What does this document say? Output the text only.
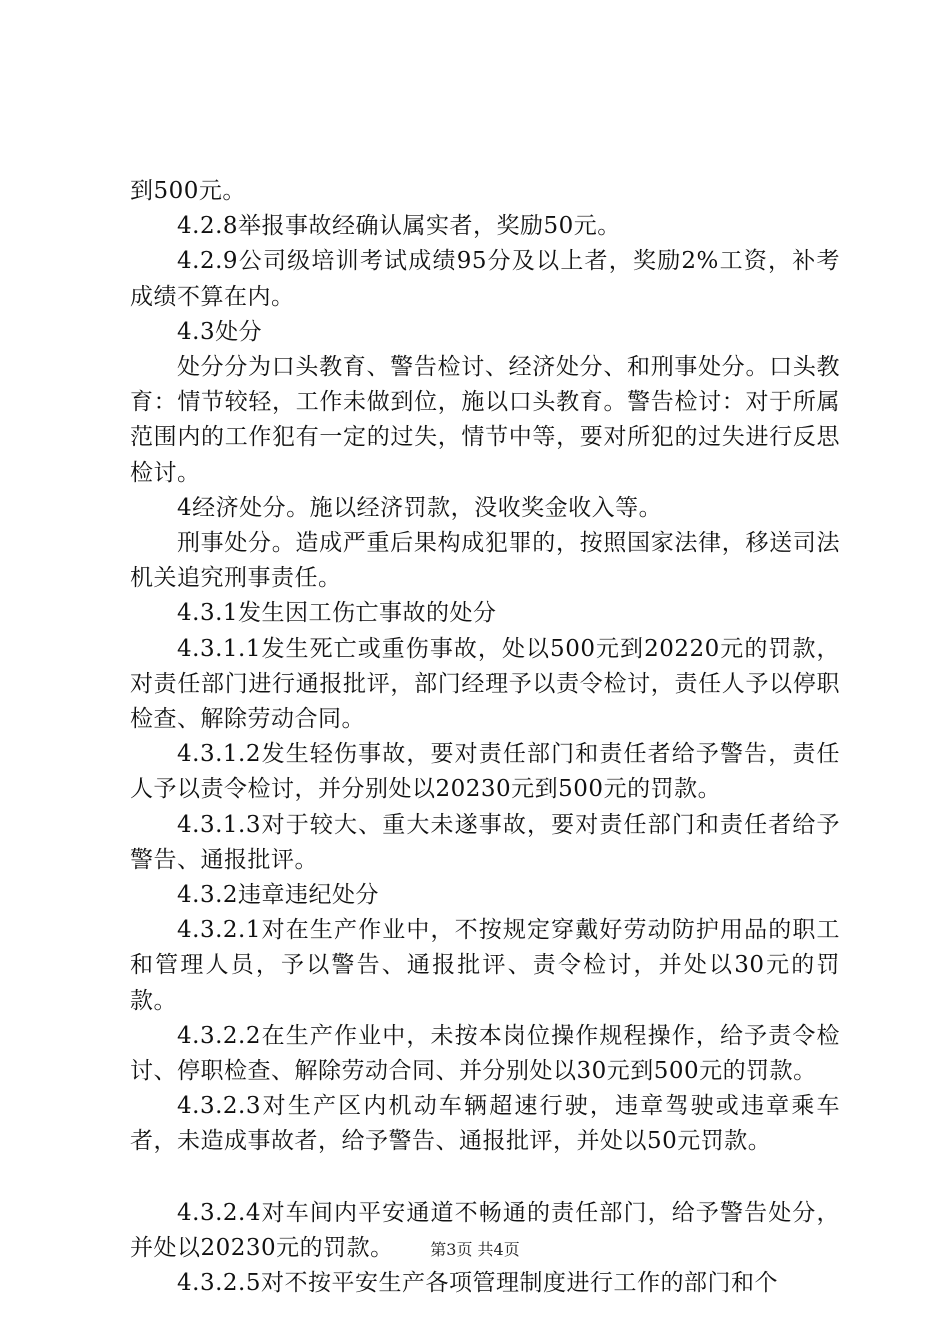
到500元。

4.2.8举报事故经确认属实者，奖励50元。

4.2.9公司级培训考试成绩95分及以上者，奖励2%工资，补考成绩不算在内。

4.3处分

处分分为口头教育、警告检讨、经济处分、和刑事处分。口头教育：情节较轻，工作未做到位，施以口头教育。警告检讨：对于所属范围内的工作犯有一定的过失，情节中等，要对所犯的过失进行反思检讨。

4经济处分。施以经济罚款，没收奖金收入等。

刑事处分。造成严重后果构成犯罪的，按照国家法律，移送司法机关追究刑事责任。

4.3.1发生因工伤亡事故的处分

4.3.1.1发生死亡或重伤事故，处以500元到20220元的罚款，对责任部门进行通报批评，部门经理予以责令检讨，责任人予以停职检查、解除劳动合同。

4.3.1.2发生轻伤事故，要对责任部门和责任者给予警告，责任人予以责令检讨，并分别处以20230元到500元的罚款。

4.3.1.3对于较大、重大未遂事故，要对责任部门和责任者给予警告、通报批评。

4.3.2违章违纪处分

4.3.2.1对在生产作业中，不按规定穿戴好劳动防护用品的职工和管理人员，予以警告、通报批评、责令检讨，并处以30元的罚款。

4.3.2.2在生产作业中，未按本岗位操作规程操作，给予责令检讨、停职检查、解除劳动合同、并分别处以30元到500元的罚款。

4.3.2.3对生产区内机动车辆超速行驶，违章驾驶或违章乘车者，未造成事故者，给予警告、通报批评，并处以50元罚款。

4.3.2.4对车间内平安通道不畅通的责任部门，给予警告处分，并处以20230元的罚款。

4.3.2.5对不按平安生产各项管理制度进行工作的部门和个

第3页 共4页
